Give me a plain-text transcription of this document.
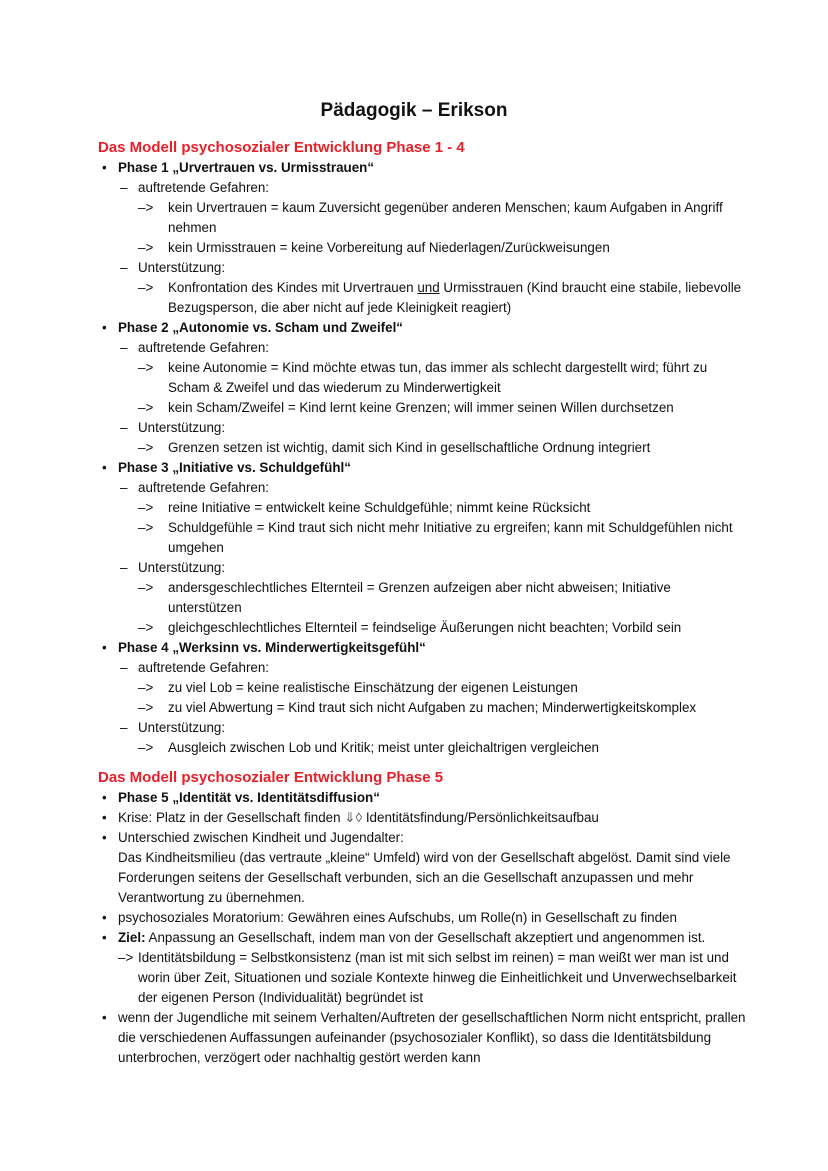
Pädagogik – Erikson
Das Modell psychosozialer Entwicklung Phase 1 - 4
• Phase 1 „Urvertrauen vs. Urmisstrauen“
– auftretende Gefahren:
–> kein Urvertrauen = kaum Zuversicht gegenüber anderen Menschen; kaum Aufgaben in Angriff nehmen
–> kein Urmisstrauen = keine Vorbereitung auf Niederlagen/Zurückweisungen
– Unterstützung:
–> Konfrontation des Kindes mit Urvertrauen und Urmisstrauen (Kind braucht eine stabile, liebevolle Bezugsperson, die aber nicht auf jede Kleinigkeit reagiert)
• Phase 2 „Autonomie vs. Scham und Zweifel“
– auftretende Gefahren:
–> keine Autonomie = Kind möchte etwas tun, das immer als schlecht dargestellt wird; führt zu Scham & Zweifel und das wiederum zu Minderwertigkeit
–> kein Scham/Zweifel = Kind lernt keine Grenzen; will immer seinen Willen durchsetzen
– Unterstützung:
–> Grenzen setzen ist wichtig, damit sich Kind in gesellschaftliche Ordnung integriert
• Phase 3 „Initiative vs. Schuldgefühl“
– auftretende Gefahren:
–> reine Initiative = entwickelt keine Schuldgefühle; nimmt keine Rücksicht
–> Schuldgefühle = Kind traut sich nicht mehr Initiative zu ergreifen; kann mit Schuldgefühlen nicht umgehen
– Unterstützung:
–> andersgeschlechtliches Elternteil = Grenzen aufzeigen aber nicht abweisen; Initiative unterstützen
–> gleichgeschlechtliches Elternteil = feindselige Äußerungen nicht beachten; Vorbild sein
• Phase 4 „Werksinn vs. Minderwertigkeitsgefühl“
– auftretende Gefahren:
–> zu viel Lob = keine realistische Einschätzung der eigenen Leistungen
–> zu viel Abwertung = Kind traut sich nicht Aufgaben zu machen; Minderwertigkeitskomplex
– Unterstützung:
–> Ausgleich zwischen Lob und Kritik; meist unter gleichaltrigen vergleichen
Das Modell psychosozialer Entwicklung Phase 5
• Phase 5 „Identität vs. Identitätsdiffusion“
• Krise: Platz in der Gesellschaft finden ⇓◊ Identitätsfindung/Persönlichkeitsaufbau
• Unterschied zwischen Kindheit und Jugendalter:
Das Kindheitsmilieu (das vertraute „kleine“ Umfeld) wird von der Gesellschaft abgelöst. Damit sind viele Forderungen seitens der Gesellschaft verbunden, sich an die Gesellschaft anzupassen und mehr Verantwortung zu übernehmen.
• psychosoziales Moratorium: Gewähren eines Aufschubs, um Rolle(n) in Gesellschaft zu finden
• Ziel: Anpassung an Gesellschaft, indem man von der Gesellschaft akzeptiert und angenommen ist.
–> Identitätsbildung = Selbstkonsistenz (man ist mit sich selbst im reinen) = man weißt wer man ist und worin über Zeit, Situationen und soziale Kontexte hinweg die Einheitlichkeit und Unverwechselbarkeit der eigenen Person (Individualität) begründet ist
• wenn der Jugendliche mit seinem Verhalten/Auftreten der gesellschaftlichen Norm nicht entspricht, prallen die verschiedenen Auffassungen aufeinander (psychosozialer Konflikt), so dass die Identitätsbildung unterbrochen, verzögert oder nachhaltig gestört werden kann
